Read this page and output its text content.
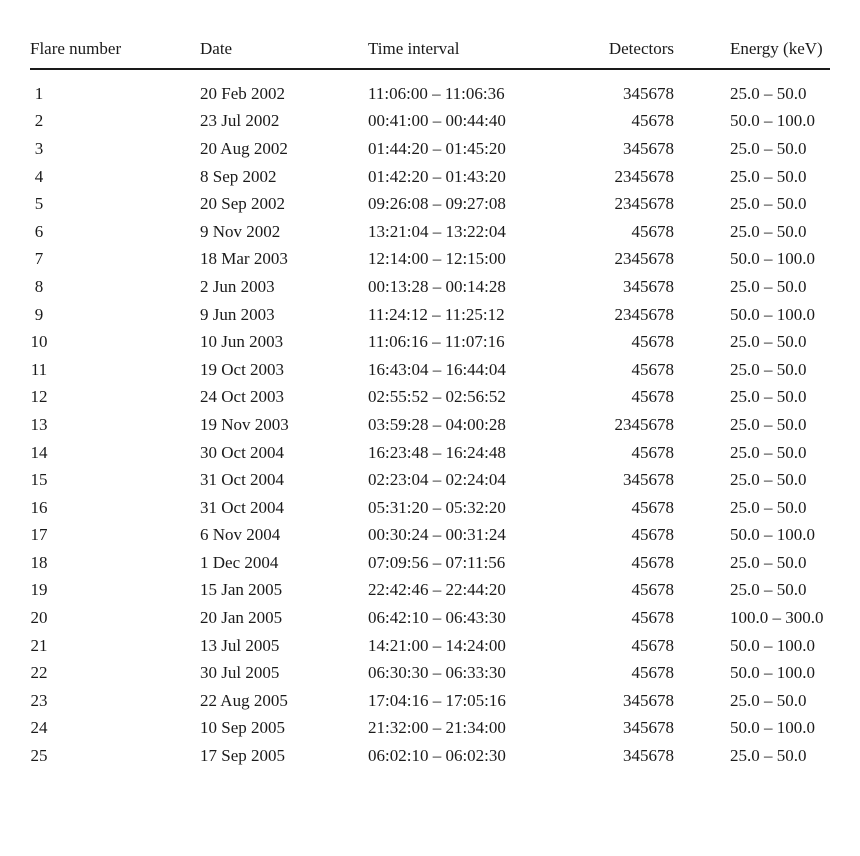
Flare number	Date	Time interval	Detectors	Energy (keV)

1	20 Feb 2002	11:06:00 – 11:06:36	345678	25.0 – 50.0
2	23 Jul 2002	00:41:00 – 00:44:40	45678	50.0 – 100.0
3	20 Aug 2002	01:44:20 – 01:45:20	345678	25.0 – 50.0
4	8 Sep 2002	01:42:20 – 01:43:20	2345678	25.0 – 50.0
5	20 Sep 2002	09:26:08 – 09:27:08	2345678	25.0 – 50.0
6	9 Nov 2002	13:21:04 – 13:22:04	45678	25.0 – 50.0
7	18 Mar 2003	12:14:00 – 12:15:00	2345678	50.0 – 100.0
8	2 Jun 2003	00:13:28 – 00:14:28	345678	25.0 – 50.0
9	9 Jun 2003	11:24:12 – 11:25:12	2345678	50.0 – 100.0
10	10 Jun 2003	11:06:16 – 11:07:16	45678	25.0 – 50.0
11	19 Oct 2003	16:43:04 – 16:44:04	45678	25.0 – 50.0
12	24 Oct 2003	02:55:52 – 02:56:52	45678	25.0 – 50.0
13	19 Nov 2003	03:59:28 – 04:00:28	2345678	25.0 – 50.0
14	30 Oct 2004	16:23:48 – 16:24:48	45678	25.0 – 50.0
15	31 Oct 2004	02:23:04 – 02:24:04	345678	25.0 – 50.0
16	31 Oct 2004	05:31:20 – 05:32:20	45678	25.0 – 50.0
17	6 Nov 2004	00:30:24 – 00:31:24	45678	50.0 – 100.0
18	1 Dec 2004	07:09:56 – 07:11:56	45678	25.0 – 50.0
19	15 Jan 2005	22:42:46 – 22:44:20	45678	25.0 – 50.0
20	20 Jan 2005	06:42:10 – 06:43:30	45678	100.0 – 300.0
21	13 Jul 2005	14:21:00 – 14:24:00	45678	50.0 – 100.0
22	30 Jul 2005	06:30:30 – 06:33:30	45678	50.0 – 100.0
23	22 Aug 2005	17:04:16 – 17:05:16	345678	25.0 – 50.0
24	10 Sep 2005	21:32:00 – 21:34:00	345678	50.0 – 100.0
25	17 Sep 2005	06:02:10 – 06:02:30	345678	25.0 – 50.0
